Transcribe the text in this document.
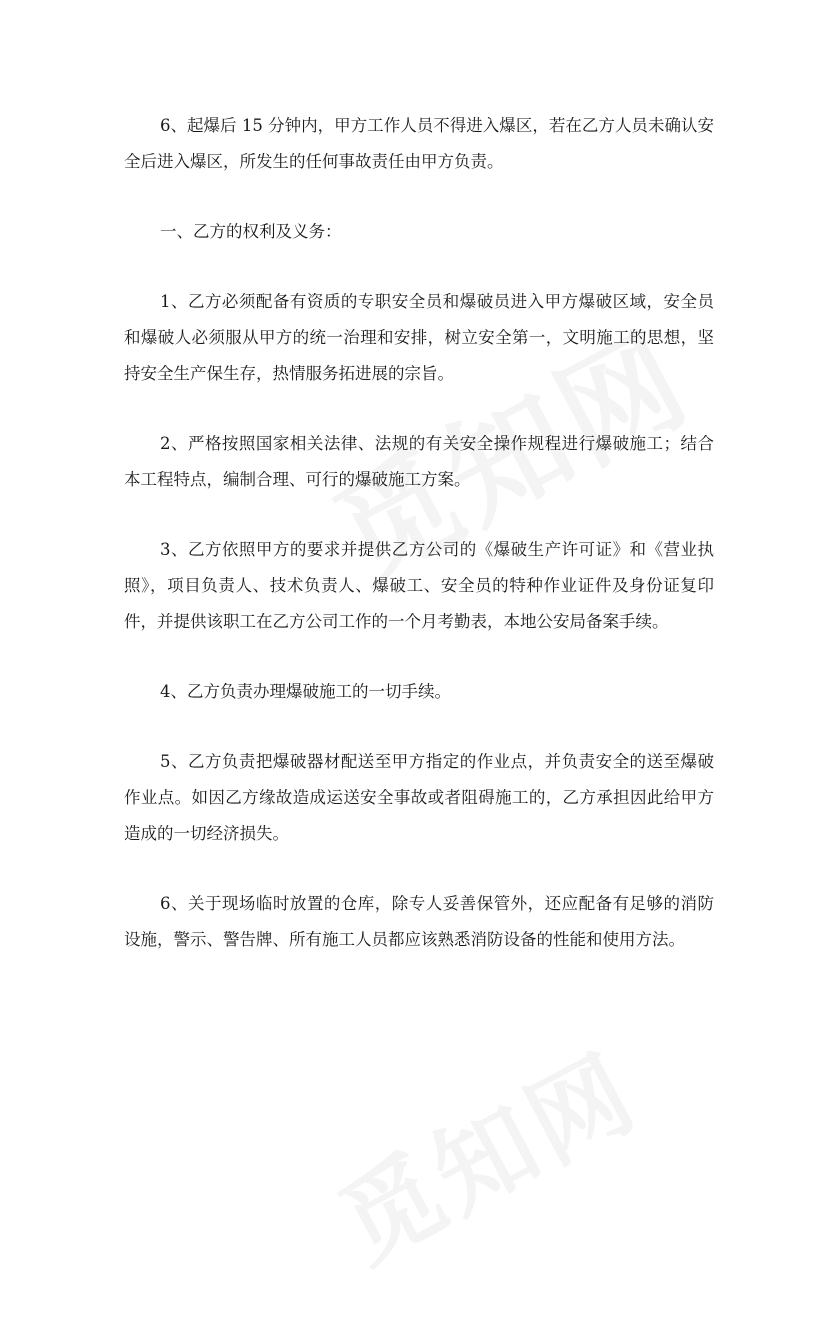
6、起爆后 15 分钟内，甲方工作人员不得进入爆区，若在乙方人员未确认安全后进入爆区，所发生的任何事故责任由甲方负责。

一、乙方的权利及义务：

1、乙方必须配备有资质的专职安全员和爆破员进入甲方爆破区域，安全员和爆破人必须服从甲方的统一治理和安排，树立安全第一，文明施工的思想，坚持安全生产保生存，热情服务拓进展的宗旨。

2、严格按照国家相关法律、法规的有关安全操作规程进行爆破施工；结合本工程特点，编制合理、可行的爆破施工方案。

3、乙方依照甲方的要求并提供乙方公司的《爆破生产许可证》和《营业执照》，项目负责人、技术负责人、爆破工、安全员的特种作业证件及身份证复印件，并提供该职工在乙方公司工作的一个月考勤表，本地公安局备案手续。

4、乙方负责办理爆破施工的一切手续。

5、乙方负责把爆破器材配送至甲方指定的作业点，并负责安全的送至爆破作业点。如因乙方缘故造成运送安全事故或者阻碍施工的，乙方承担因此给甲方造成的一切经济损失。

6、关于现场临时放置的仓库，除专人妥善保管外，还应配备有足够的消防设施，警示、警告牌、所有施工人员都应该熟悉消防设备的性能和使用方法。
